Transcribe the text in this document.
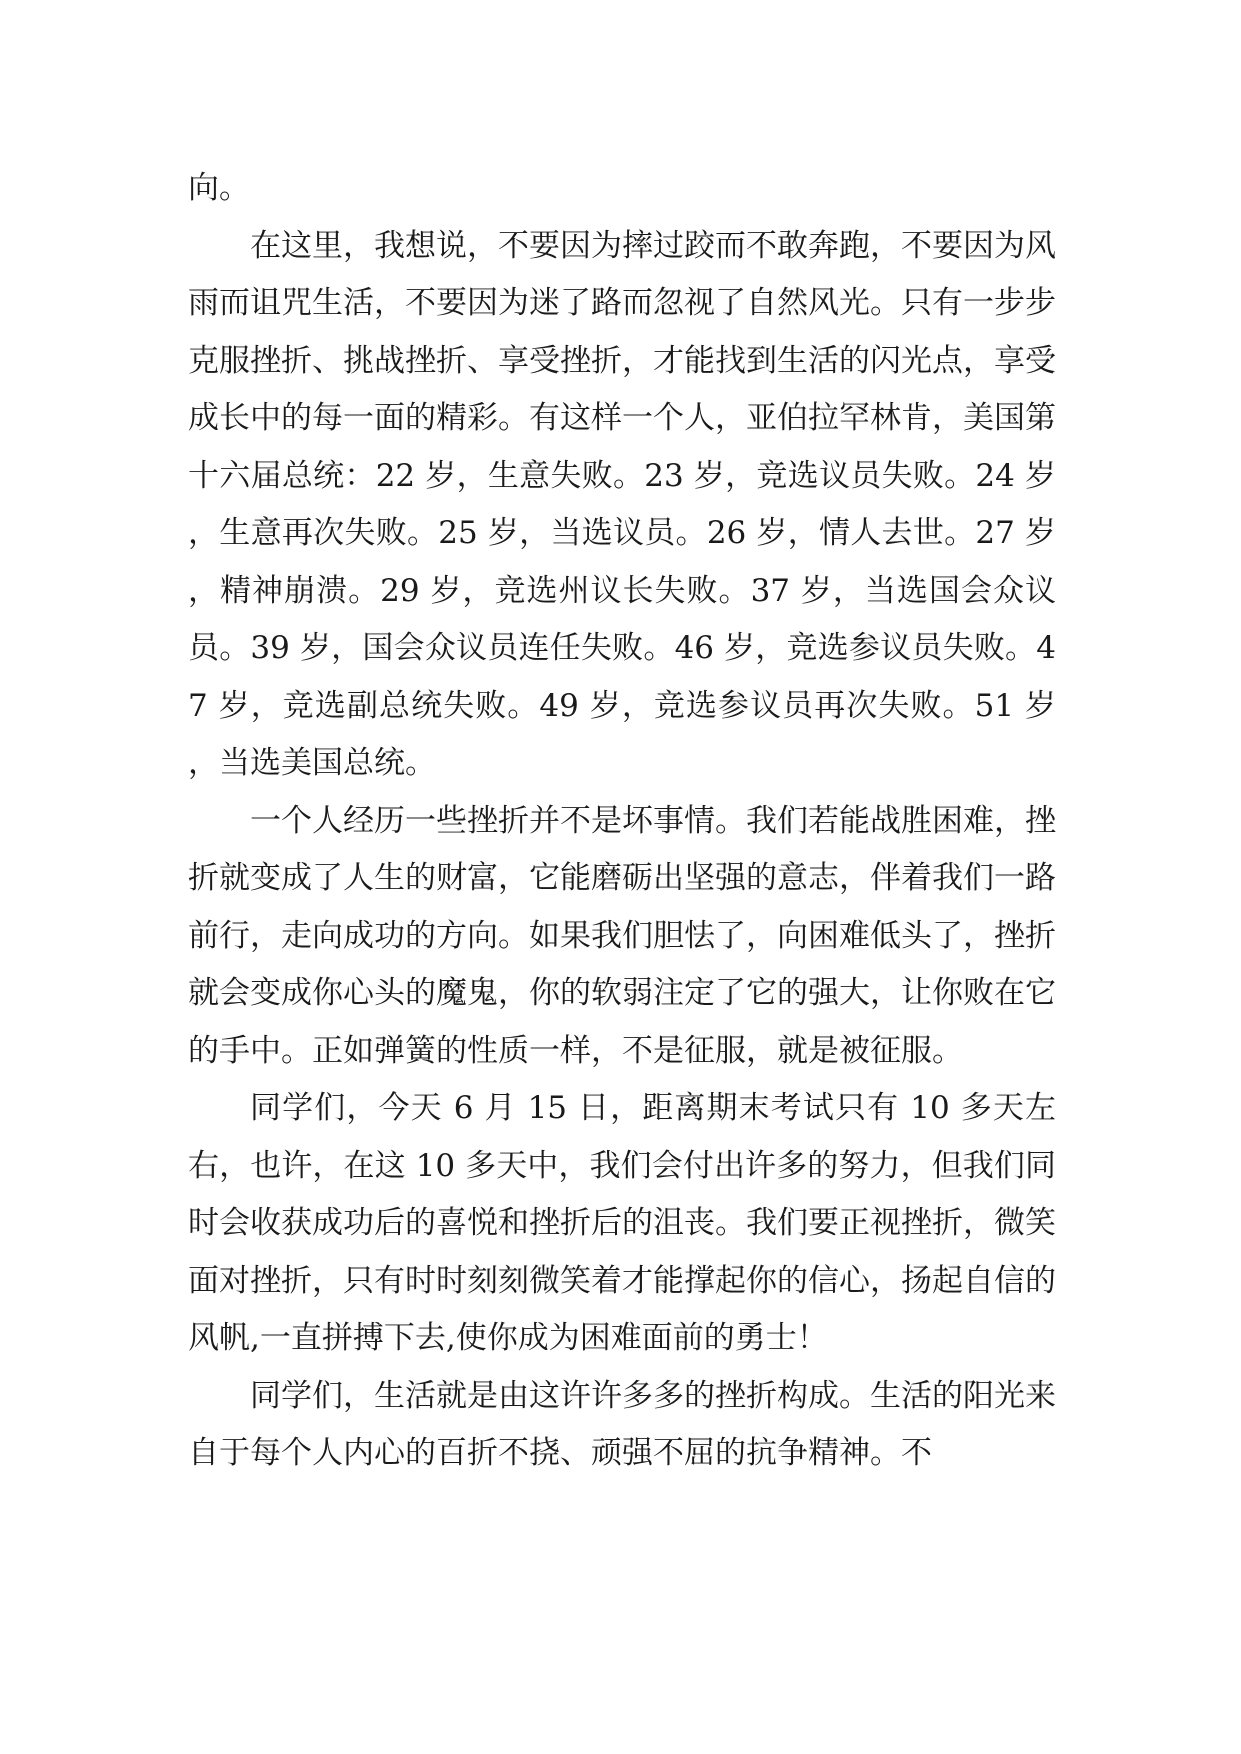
向。

在这里，我想说，不要因为摔过跤而不敢奔跑，不要因为风雨而诅咒生活，不要因为迷了路而忽视了自然风光。只有一步步克服挫折、挑战挫折、享受挫折，才能找到生活的闪光点，享受成长中的每一面的精彩。有这样一个人，亚伯拉罕林肯，美国第十六届总统：22 岁，生意失败。23 岁，竞选议员失败。24 岁，生意再次失败。25 岁，当选议员。26 岁，情人去世。27 岁，精神崩溃。29 岁，竞选州议长失败。37 岁，当选国会众议员。39 岁，国会众议员连任失败。46 岁，竞选参议员失败。47 岁，竞选副总统失败。49 岁，竞选参议员再次失败。51 岁，当选美国总统。

一个人经历一些挫折并不是坏事情。我们若能战胜困难，挫折就变成了人生的财富，它能磨砺出坚强的意志，伴着我们一路前行，走向成功的方向。如果我们胆怯了，向困难低头了，挫折就会变成你心头的魔鬼，你的软弱注定了它的强大，让你败在它的手中。正如弹簧的性质一样，不是征服，就是被征服。

同学们，今天 6 月 15 日，距离期末考试只有 10 多天左右，也许，在这 10 多天中，我们会付出许多的努力，但我们同时会收获成功后的喜悦和挫折后的沮丧。我们要正视挫折，微笑面对挫折，只有时时刻刻微笑着才能撑起你的信心，扬起自信的风帆,一直拼搏下去,使你成为困难面前的勇士！

同学们，生活就是由这许许多多的挫折构成。生活的阳光来自于每个人内心的百折不挠、顽强不屈的抗争精神。不
